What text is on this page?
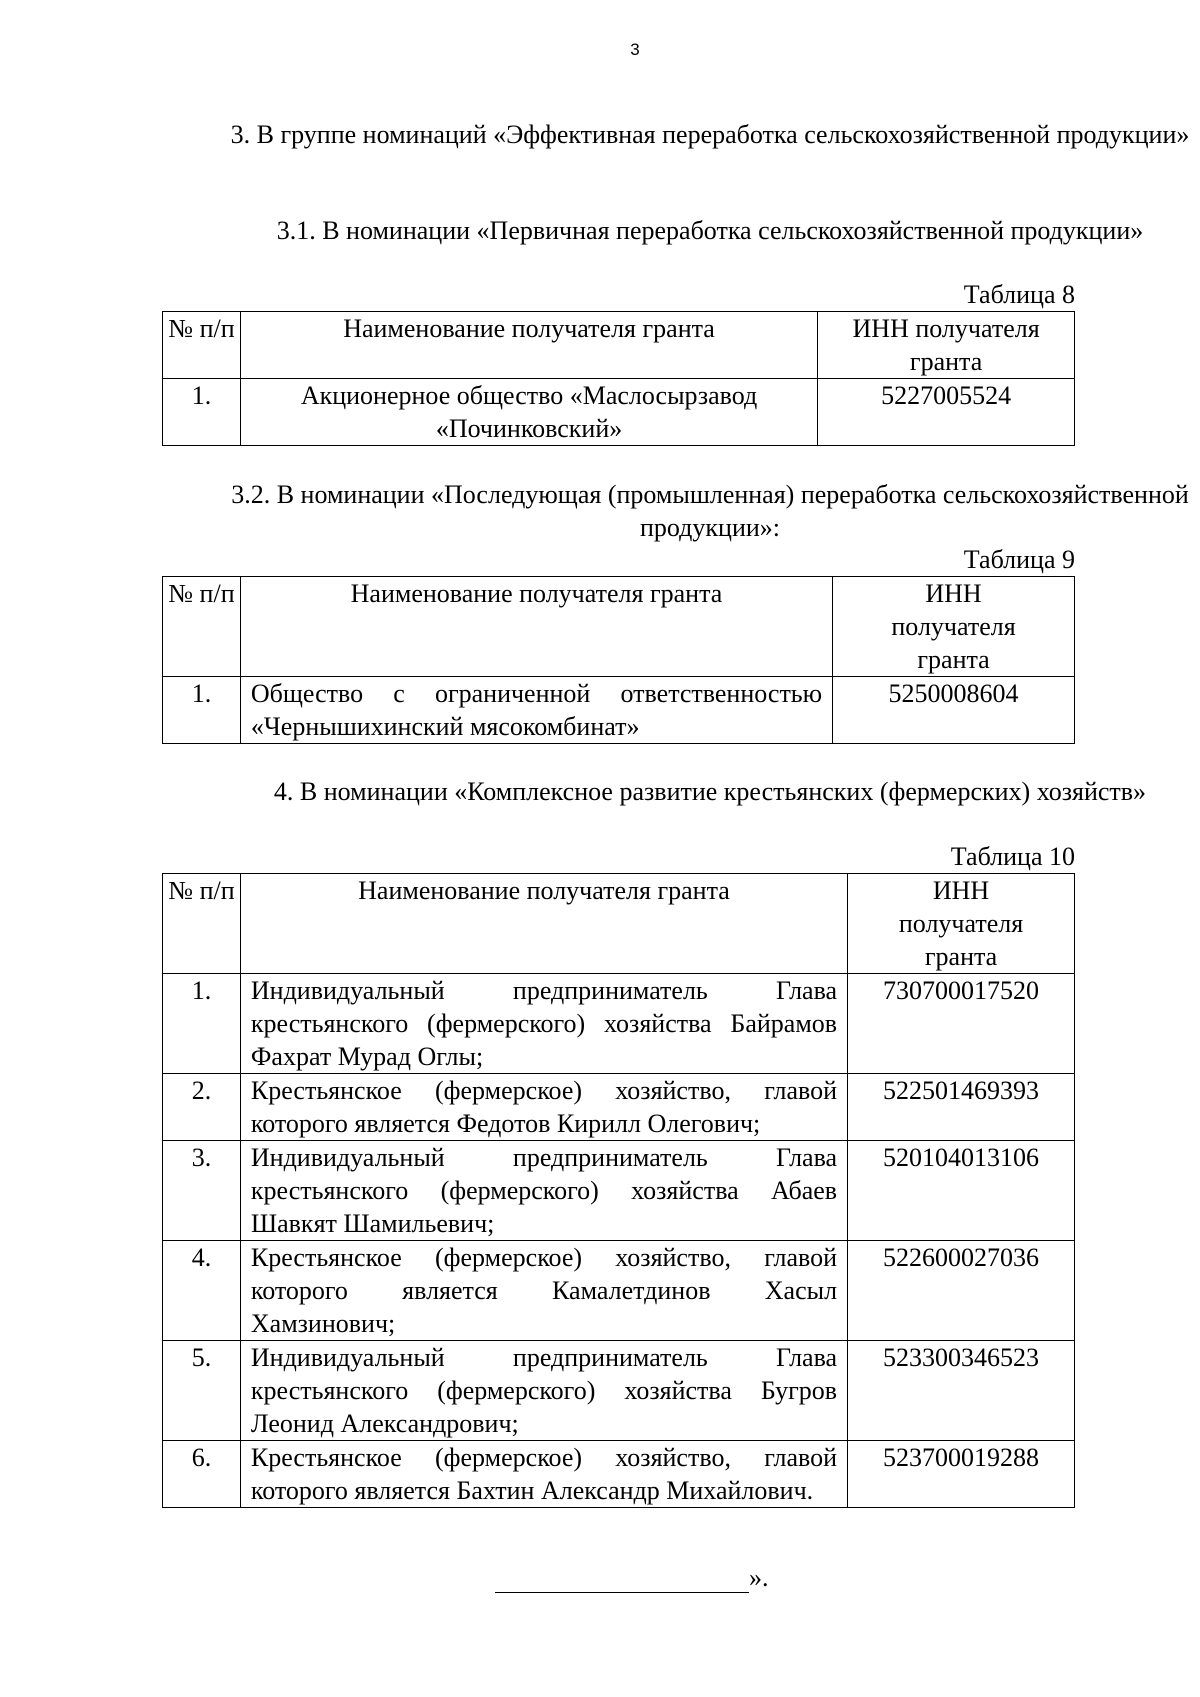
3
3. В группе номинаций «Эффективная переработка сельскохозяйственной продукции»
3.1. В номинации «Первичная переработка сельскохозяйственной продукции»
Таблица 8
№ п/п	Наименование получателя гранта	ИНН получателя гранта
1.	Акционерное общество «Маслосырзавод «Починковский»	5227005524
3.2. В номинации «Последующая (промышленная) переработка сельскохозяйственной продукции»:
Таблица 9
№ п/п	Наименование получателя гранта	ИНН получателя гранта
1.	Общество с ограниченной ответственностью «Чернышихинский мясокомбинат»	5250008604
4. В номинации «Комплексное развитие крестьянских (фермерских) хозяйств»
Таблица 10
№ п/п	Наименование получателя гранта	ИНН получателя гранта
1.	Индивидуальный предприниматель Глава крестьянского (фермерского) хозяйства Байрамов Фахрат Мурад Оглы;	730700017520
2.	Крестьянское (фермерское) хозяйство, главой которого является Федотов Кирилл Олегович;	522501469393
3.	Индивидуальный предприниматель Глава крестьянского (фермерского) хозяйства Абаев Шавкят Шамильевич;	520104013106
4.	Крестьянское (фермерское) хозяйство, главой которого является Камалетдинов Хасыл Хамзинович;	522600027036
5.	Индивидуальный предприниматель Глава крестьянского (фермерского) хозяйства Бугров Леонид Александрович;	523300346523
6.	Крестьянское (фермерское) хозяйство, главой которого является Бахтин Александр Михайлович.	523700019288
».
